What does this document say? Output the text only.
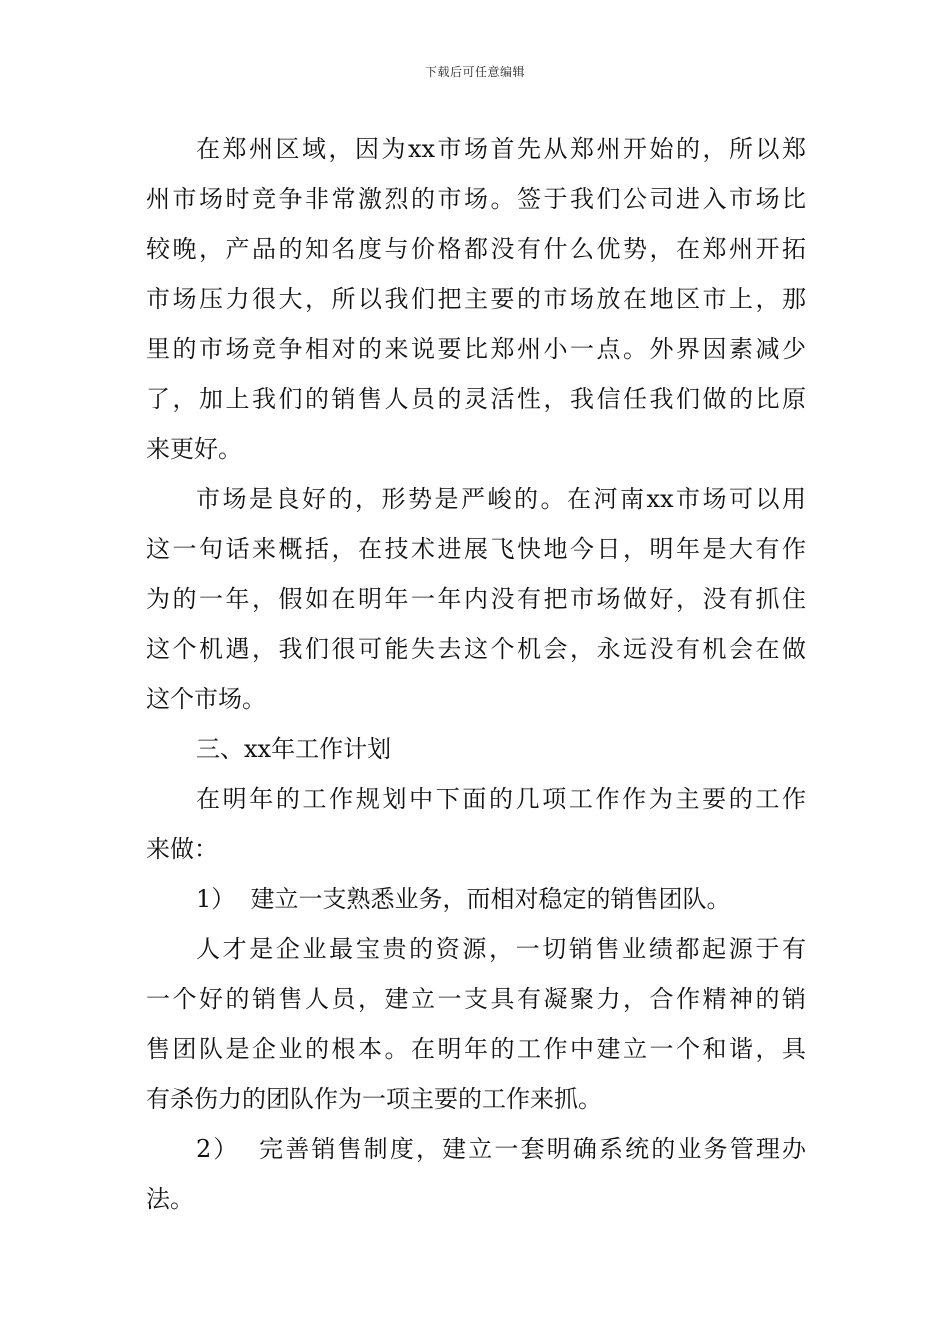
下载后可任意编辑
在郑州区域，因为xx市场首先从郑州开始的，所以郑
州市场时竞争非常激烈的市场。签于我们公司进入市场比
较晚，产品的知名度与价格都没有什么优势，在郑州开拓
市场压力很大，所以我们把主要的市场放在地区市上，那
里的市场竞争相对的来说要比郑州小一点。外界因素减少
了，加上我们的销售人员的灵活性，我信任我们做的比原
来更好。
市场是良好的，形势是严峻的。在河南xx市场可以用
这一句话来概括，在技术进展飞快地今日，明年是大有作
为的一年，假如在明年一年内没有把市场做好，没有抓住
这个机遇，我们很可能失去这个机会，永远没有机会在做
这个市场。
三、xx年工作计划
在明年的工作规划中下面的几项工作作为主要的工作
来做：
1）  建立一支熟悉业务，而相对稳定的销售团队。
人才是企业最宝贵的资源，一切销售业绩都起源于有
一个好的销售人员，建立一支具有凝聚力，合作精神的销
售团队是企业的根本。在明年的工作中建立一个和谐，具
有杀伤力的团队作为一项主要的工作来抓。
2）  完善销售制度，建立一套明确系统的业务管理办
法。
